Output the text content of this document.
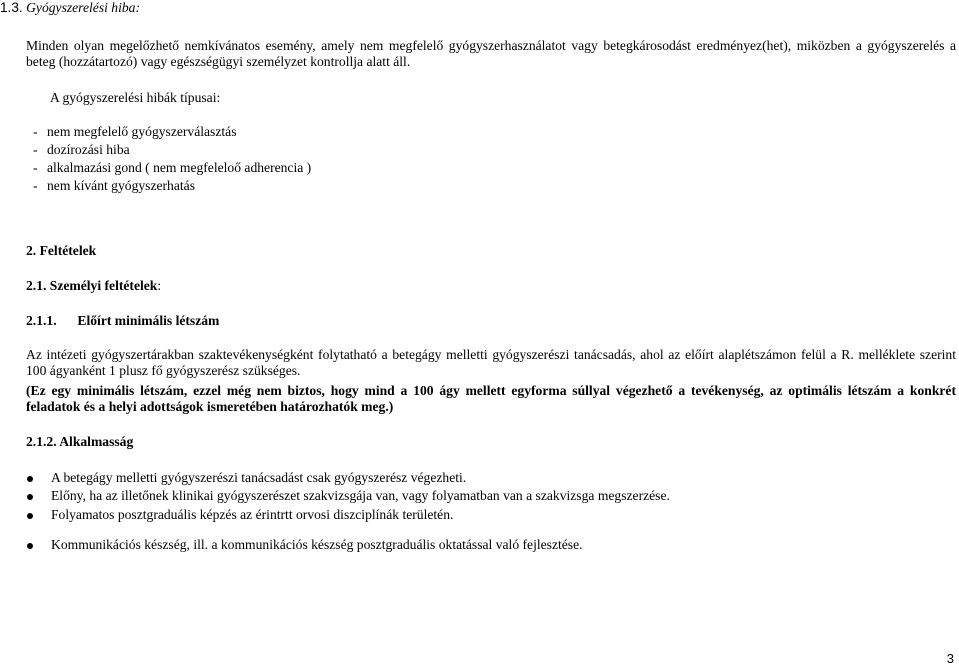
1.3. Gyógyszerelési hiba:
Minden olyan megelőzhető nemkívánatos esemény, amely nem megfelelő gyógyszerhasználatot vagy betegkárosodást eredményez(het), miközben a gyógyszerelés a beteg (hozzátartozó) vagy egészségügyi személyzet kontrollja alatt áll.
A gyógyszerelési hibák típusai:
- nem megfelelő gyógyszerválasztás
- dozírozási hiba
- alkalmazási gond ( nem megfeleloő adherencia )
- nem kívánt gyógyszerhatás
2. Feltételek
2.1. Személyi feltételek:
2.1.1. Előírt minimális létszám
Az intézeti gyógyszertárakban szaktevékenységként folytatható a betegágy melletti gyógyszerészi tanácsadás, ahol az előírt alaplétszámon felül a R. melléklete szerint 100 ágyanként 1 plusz fő gyógyszerész szükséges.
(Ez egy minimális létszám, ezzel még nem biztos, hogy mind a 100 ágy mellett egyforma súllyal végezhető a tevékenység, az optimális létszám a konkrét feladatok és a helyi adottságok ismeretében határozhatók meg.)
2.1.2. Alkalmasság
A betegágy melletti gyógyszerészi tanácsadást csak gyógyszerész végezheti.
Előny, ha az illetőnek klinikai gyógyszerészet szakvizsgája van, vagy folyamatban van a szakvizsga megszerzése.
Folyamatos posztgraduális képzés az érintrtt orvosi diszciplínák területén.
Kommunikációs készség, ill. a kommunikációs készség posztgraduális oktatással való fejlesztése.
3
